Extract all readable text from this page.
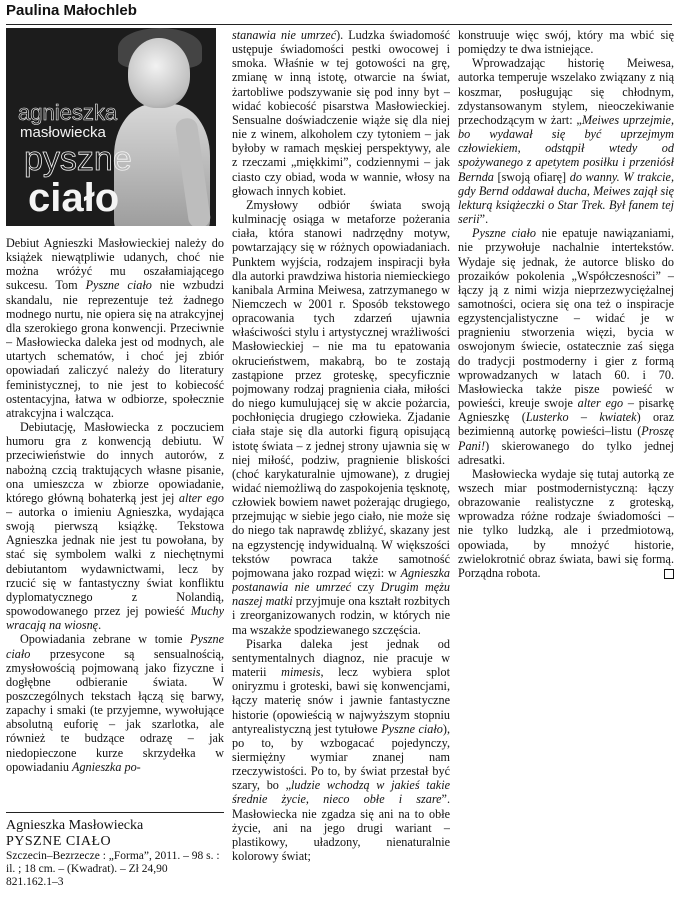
Paulina Małochleb
agnieszka
masłowiecka
pyszne
ciało

Debiut Agnieszki Masłowieckiej należy do książek niewątpliwie udanych, choć nie można wróżyć mu oszałamiającego sukcesu. Tom Pyszne ciało nie wzbudzi skandalu, nie reprezentuje też żadnego modnego nurtu, nie opiera się na atrakcyjnej dla szerokiego grona konwencji. Przeciwnie – Masłowiecka daleka jest od modnych, ale utartych schematów, i choć jej zbiór opowiadań zaliczyć należy do literatury feministycznej, to nie jest to kobiecość ostentacyjna, łatwa w odbiorze, społecznie atrakcyjna i walcząca.

Debiutację, Masłowiecka z poczuciem humoru gra z konwencją debiutu. W przeciwieństwie do innych autorów, z nabożną czcią traktujących własne pisanie, ona umieszcza w zbiorze opowiadanie, którego główną bohaterką jest jej alter ego – autorka o imieniu Agnieszka, wydająca swoją pierwszą książkę. Tekstowa Agnieszka jednak nie jest tu powołana, by stać się symbolem walki z niechętnymi debiutantom wydawnictwami, lecz by rzucić się w fantastyczny świat konfliktu dyplomatycznego z Nolandią, spowodowanego przez jej powieść Muchy wracają na wiosnę.

Opowiadania zebrane w tomie Pyszne ciało przesycone są sensualnością, zmysłowością pojmowaną jako fizyczne i dogłębne odbieranie świata. W poszczególnych tekstach łączą się barwy, zapachy i smaki (te przyjemne, wywołujące absolutną euforię – jak szarlotka, ale również te budzące odrazę – jak niedopieczone kurze skrzydełka w opowiadaniu Agnieszka po-

Agnieszka Masłowiecka
PYSZNE CIAŁO
Szczecin–Bezrzecze : „Forma”, 2011. – 98 s. : il. ; 18 cm. – (Kwadrat). – Zł 24,90
821.162.1–3

stanawia nie umrzeć). Ludzka świadomość ustępuje świadomości pestki owocowej i smoka. Właśnie w tej gotowości na grę, zmianę w inną istotę, otwarcie na świat, żartobliwe podszywanie się pod inny byt – widać kobiecość pisarstwa Masłowieckiej. Sensualne doświadczenie wiąże się dla niej nie z winem, alkoholem czy tytoniem – jak byłoby w ramach męskiej perspektywy, ale z rzeczami „miękkimi”, codziennymi – jak ciasto czy obiad, woda w wannie, włosy na głowach innych kobiet.

Zmysłowy odbiór świata swoją kulminację osiąga w metaforze pożerania ciała, która stanowi nadrzędny motyw, powtarzający się w różnych opowiadaniach. Punktem wyjścia, rodzajem inspiracji była dla autorki prawdziwa historia niemieckiego kanibala Armina Meiwesa, zatrzymanego w Niemczech w 2001 r. Sposób tekstowego opracowania tych zdarzeń ujawnia właściwości stylu i artystycznej wrażliwości Masłowieckiej – nie ma tu epatowania okrucieństwem, makabrą, bo te zostają zastąpione przez groteskę, specyficznie pojmowany rodzaj pragnienia ciała, miłości do niego kumulującej się w akcie pożarcia, pochłonięcia drugiego człowieka. Zjadanie ciała staje się dla autorki figurą opisującą istotę świata – z jednej strony ujawnia się w niej miłość, podziw, pragnienie bliskości (choć karykaturalnie ujmowane), z drugiej widać niemożliwą do zaspokojenia tęsknotę, człowiek bowiem nawet pożerając drugiego, przejmując w siebie jego ciało, nie może się do niego tak naprawdę zbliżyć, skazany jest na egzystencję indywidualną. W większości tekstów powraca także samotność pojmowana jako rozpad więzi: w Agnieszka postanawia nie umrzeć czy Drugim mężu naszej matki przyjmuje ona kształt rozbitych i zreorganizowanych rodzin, w których nie ma wszakże spodziewanego szczęścia.

Pisarka daleka jest jednak od sentymentalnych diagnoz, nie pracuje w materii mimesis, lecz wybiera splot oniryzmu i groteski, bawi się konwencjami, łączy materię snów i jawnie fantastyczne historie (opowieścią w najwyższym stopniu antyrealistyczną jest tytułowe Pyszne ciało), po to, by wzbogacać pojedynczy, siermiężny wymiar znanej nam rzeczywistości. Po to, by świat przestał być szary, bo „ludzie wchodzą w jakieś takie średnie życie, nieco obłe i szare”. Masłowiecka nie zgadza się ani na to obłe życie, ani na jego drugi wariant – plastikowy, uładzony, nienaturalnie kolorowy świat;

konstruuje więc swój, który ma wbić się pomiędzy te dwa istniejące.

Wprowadzając historię Meiwesa, autorka temperuje wszelako związany z nią koszmar, posługując się chłodnym, zdystansowanym stylem, nieoczekiwanie przechodzącym w żart: „Meiwes uprzejmie, bo wydawał się być uprzejmym człowiekiem, odstąpił wtedy od spożywanego z apetytem posiłku i przeniósł Bernda [swoją ofiarę] do wanny. W trakcie, gdy Bernd oddawał ducha, Meiwes zajął się lekturą książeczki o Star Trek. Był fanem tej serii”.

Pyszne ciało nie epatuje nawiązaniami, nie przywołuje nachalnie intertekstów. Wydaje się jednak, że autorce blisko do prozaików pokolenia „Współczesności” – łączy ją z nimi wizja nieprzezwyciężalnej samotności, ociera się ona też o inspiracje egzystencjalistyczne – widać je w pragnieniu stworzenia więzi, bycia w oswojonym świecie, ostatecznie zaś sięga do tradycji postmoderny i gier z formą wprowadzanych w latach 60. i 70. Masłowiecka także pisze powieść w powieści, kreuje swoje alter ego – pisarkę Agnieszkę (Lusterko – kwiatek) oraz bezimienną autorkę powieści–listu (Proszę Pani!) skierowanego do tylko jednej adresatki.

Masłowiecka wydaje się tutaj autorką ze wszech miar postmodernistyczną: łączy obrazowanie realistyczne z groteską, wprowadza różne rodzaje świadomości – nie tylko ludzką, ale i przedmiotową, opowiada, by mnożyć historie, zwielokrotnić obraz świata, bawi się formą. Porządna robota.
